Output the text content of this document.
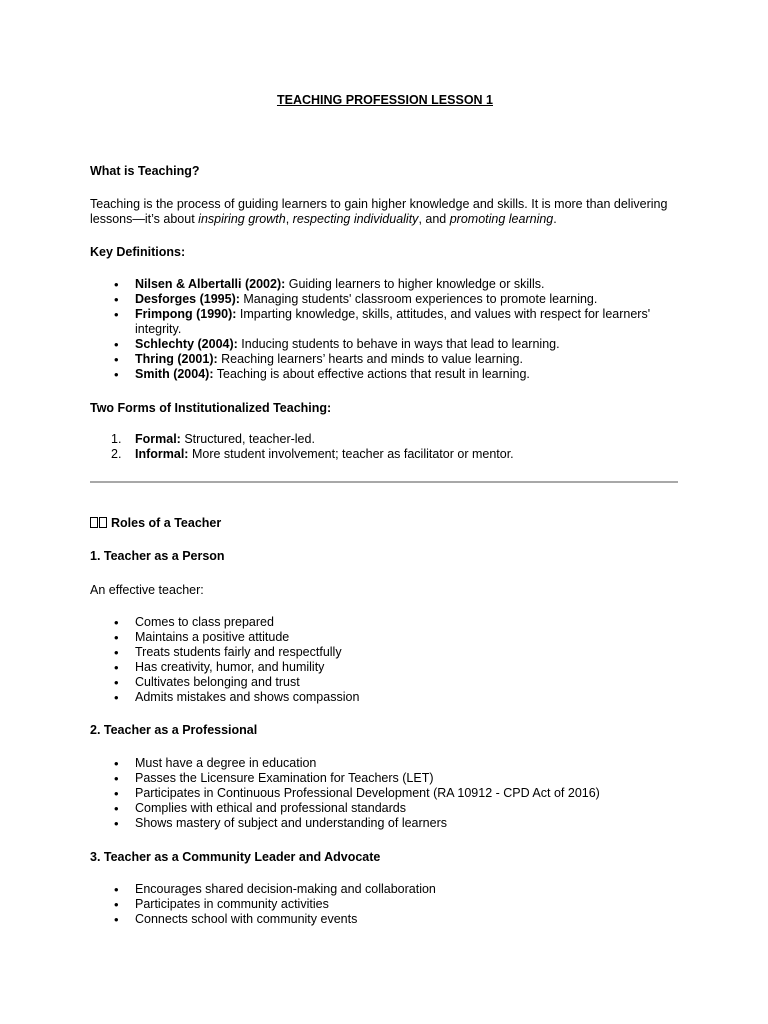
TEACHING PROFESSION LESSON 1

What is Teaching?

Teaching is the process of guiding learners to gain higher knowledge and skills. It is more than delivering lessons—it’s about inspiring growth, respecting individuality, and promoting learning.

Key Definitions:

• Nilsen & Albertalli (2002): Guiding learners to higher knowledge or skills.
• Desforges (1995): Managing students' classroom experiences to promote learning.
• Frimpong (1990): Imparting knowledge, skills, attitudes, and values with respect for learners' integrity.
• Schlechty (2004): Inducing students to behave in ways that lead to learning.
• Thring (2001): Reaching learners’ hearts and minds to value learning.
• Smith (2004): Teaching is about effective actions that result in learning.

Two Forms of Institutionalized Teaching:

1. Formal: Structured, teacher-led.
2. Informal: More student involvement; teacher as facilitator or mentor.

Roles of a Teacher

1. Teacher as a Person

An effective teacher:

• Comes to class prepared
• Maintains a positive attitude
• Treats students fairly and respectfully
• Has creativity, humor, and humility
• Cultivates belonging and trust
• Admits mistakes and shows compassion

2. Teacher as a Professional

• Must have a degree in education
• Passes the Licensure Examination for Teachers (LET)
• Participates in Continuous Professional Development (RA 10912 - CPD Act of 2016)
• Complies with ethical and professional standards
• Shows mastery of subject and understanding of learners

3. Teacher as a Community Leader and Advocate

• Encourages shared decision-making and collaboration
• Participates in community activities
• Connects school with community events
